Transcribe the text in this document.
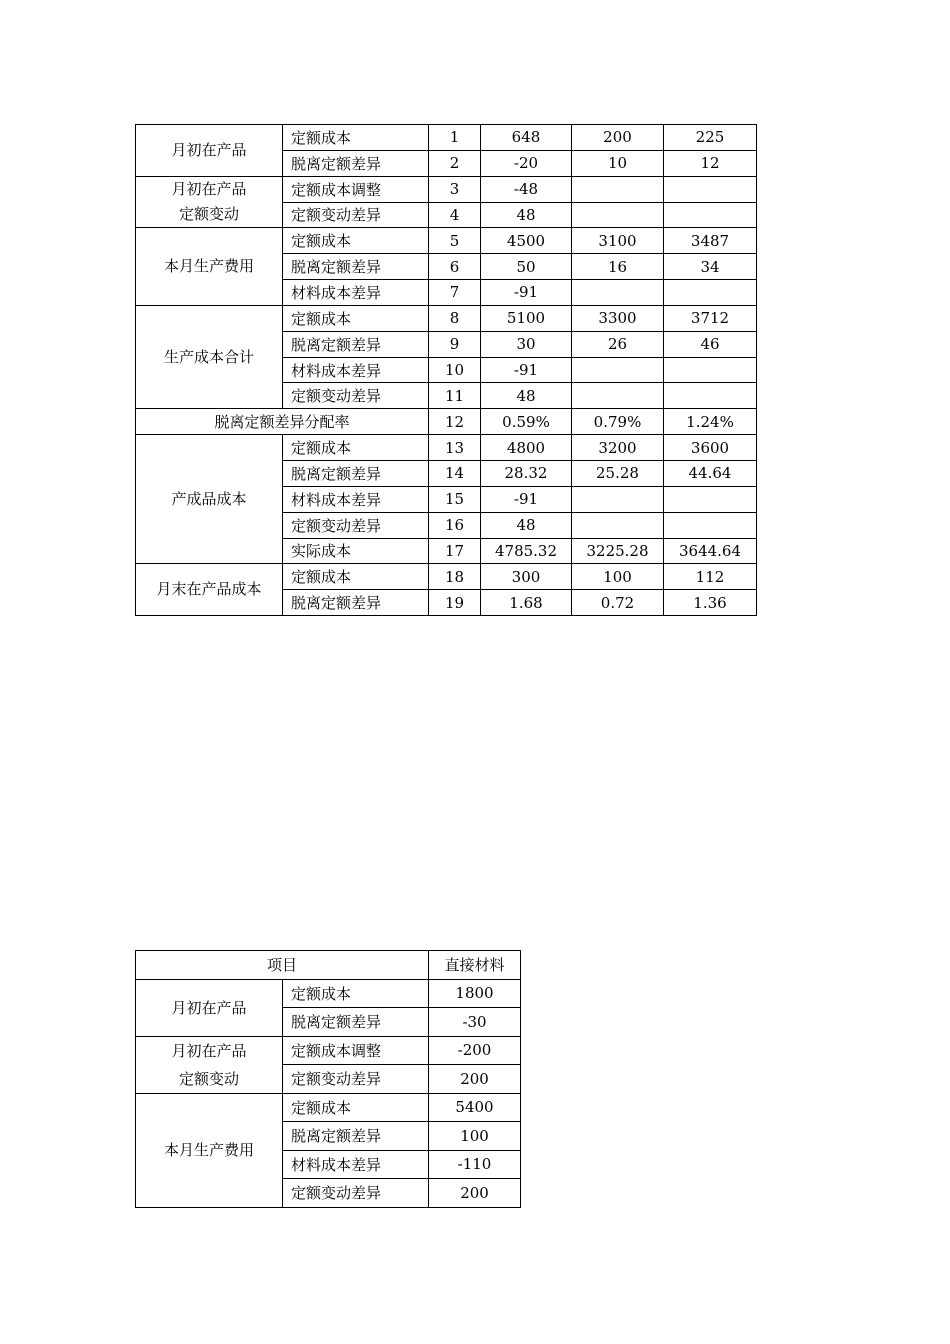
月初在产品	定额成本	1	648	200	225
	脱离定额差异	2	-20	10	12

月初在产品
定额变动	定额成本调整	3	-48		
	定额变动差异	4	48		

本月生产费用	定额成本	5	4500	3100	3487
	脱离定额差异	6	50	16	34
	材料成本差异	7	-91		

生产成本合计	定额成本	8	5100	3300	3712
	脱离定额差异	9	30	26	46
	材料成本差异	10	-91		
	定额变动差异	11	48		
脱离定额差异分配率		12	0.59%	0.79%	1.24%

产成品成本	定额成本	13	4800	3200	3600
	脱离定额差异	14	28.32	25.28	44.64
	材料成本差异	15	-91		
	定额变动差异	16	48		
	实际成本	17	4785.32	3225.28	3644.64

月末在产品成本	定额成本	18	300	100	112
	脱离定额差异	19	1.68	0.72	1.36
项目		直接材料

月初在产品	定额成本	1800
	脱离定额差异	-30

月初在产品
定额变动	定额成本调整	-200
	定额变动差异	200

本月生产费用	定额成本	5400
	脱离定额差异	100
	材料成本差异	-110
	定额变动差异	200
